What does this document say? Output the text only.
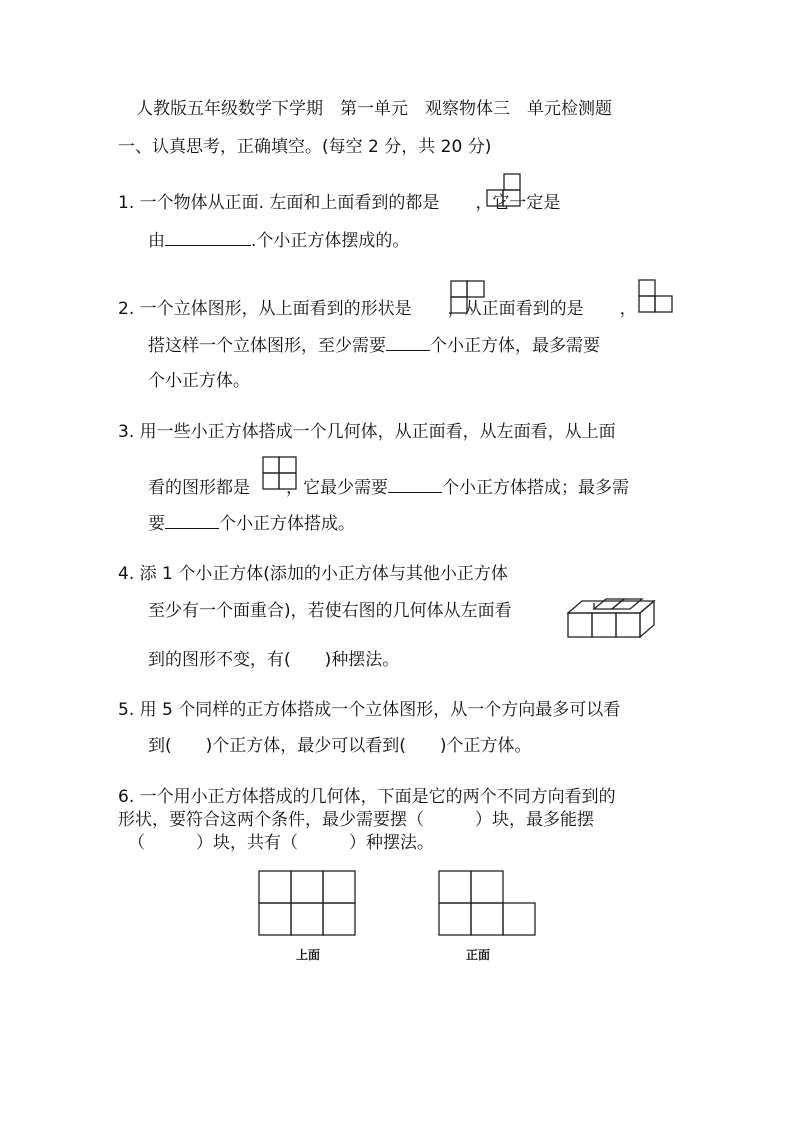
人教版五年级数学下学期　第一单元　观察物体三　单元检测题
一、认真思考，正确填空。(每空 2 分，共 20 分)
1. 一个物体从正面. 左面和上面看到的都是 ，它一定是
由	.个小正方体摆成的。
2. 一个立体图形，从上面看到的形状是 ，从正面看到的是 ，
搭这样一个立体图形，至少需要	个小正方体，最多需要
个小正方体。
3. 用一些小正方体搭成一个几何体，从正面看，从左面看，从上面
看的图形都是 ，它最少需要	个小正方体搭成；最多需
要	个小正方体搭成。
4. 添 1 个小正方体(添加的小正方体与其他小正方体
至少有一个面重合)，若使右图的几何体从左面看
到的图形不变，有(　　)种摆法。
5. 用 5 个同样的正方体搭成一个立体图形，从一个方向最多可以看
到(　　)个正方体，最少可以看到(　　)个正方体。
6. 一个用小正方体搭成的几何体，下面是它的两个不同方向看到的
形状，要符合这两个条件，最少需要摆（　　　）块，最多能摆
（　　　）块，共有（　　　）种摆法。
上面	正面
